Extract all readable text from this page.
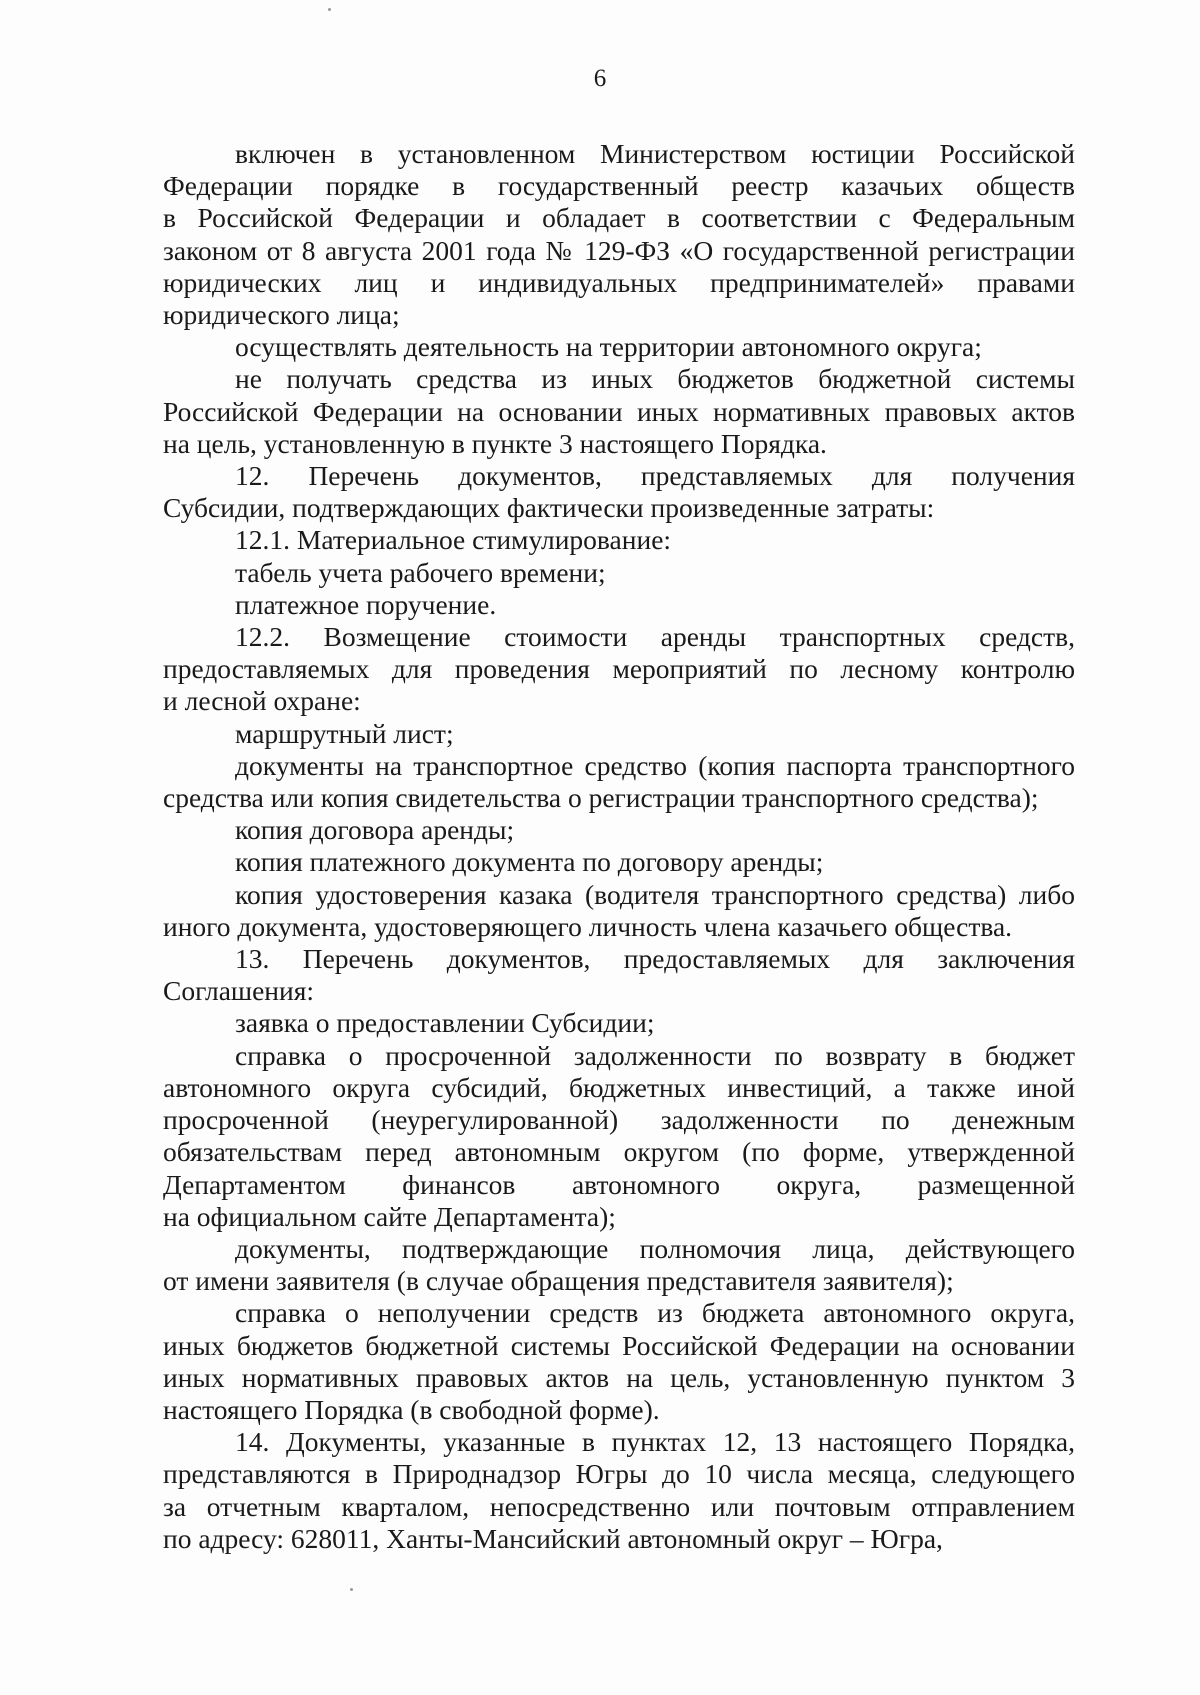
6
включен в установленном Министерством юстиции Российской
Федерации порядке в государственный реестр казачьих обществ
в Российской Федерации и обладает в соответствии с Федеральным
законом от 8 августа 2001 года № 129-ФЗ «О государственной регистрации
юридических лиц и индивидуальных предпринимателей» правами
юридического лица;
осуществлять деятельность на территории автономного округа;
не получать средства из иных бюджетов бюджетной системы
Российской Федерации на основании иных нормативных правовых актов
на цель, установленную в пункте 3 настоящего Порядка.
12. Перечень документов, представляемых для получения
Субсидии, подтверждающих фактически произведенные затраты:
12.1. Материальное стимулирование:
табель учета рабочего времени;
платежное поручение.
12.2. Возмещение стоимости аренды транспортных средств,
предоставляемых для проведения мероприятий по лесному контролю
и лесной охране:
маршрутный лист;
документы на транспортное средство (копия паспорта транспортного
средства или копия свидетельства о регистрации транспортного средства);
копия договора аренды;
копия платежного документа по договору аренды;
копия удостоверения казака (водителя транспортного средства) либо
иного документа, удостоверяющего личность члена казачьего общества.
13. Перечень документов, предоставляемых для заключения
Соглашения:
заявка о предоставлении Субсидии;
справка о просроченной задолженности по возврату в бюджет
автономного округа субсидий, бюджетных инвестиций, а также иной
просроченной (неурегулированной) задолженности по денежным
обязательствам перед автономным округом (по форме, утвержденной
Департаментом финансов автономного округа, размещенной
на официальном сайте Департамента);
документы, подтверждающие полномочия лица, действующего
от имени заявителя (в случае обращения представителя заявителя);
справка о неполучении средств из бюджета автономного округа,
иных бюджетов бюджетной системы Российской Федерации на основании
иных нормативных правовых актов на цель, установленную пунктом 3
настоящего Порядка (в свободной форме).
14. Документы, указанные в пунктах 12, 13 настоящего Порядка,
представляются в Природнадзор Югры до 10 числа месяца, следующего
за отчетным кварталом, непосредственно или почтовым отправлением
по адресу: 628011, Ханты-Мансийский автономный округ – Югра,
